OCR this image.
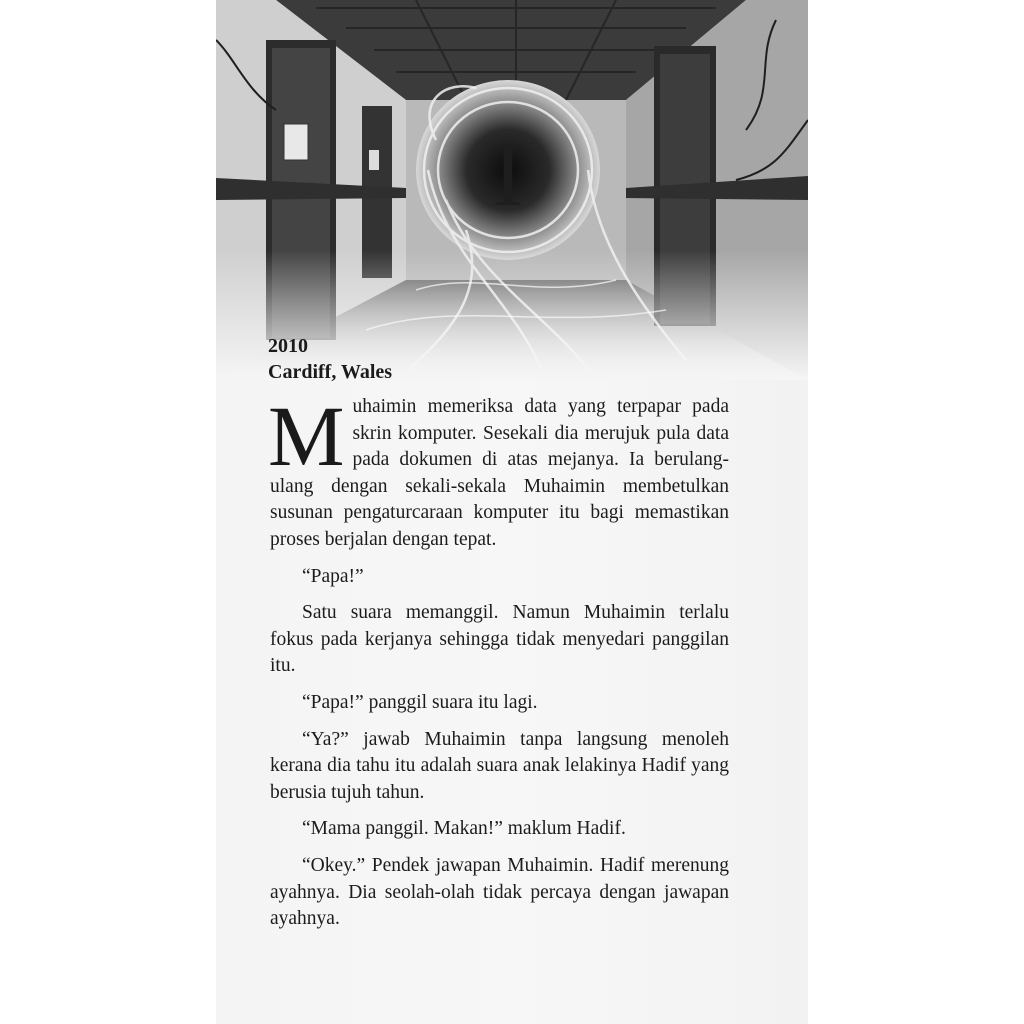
I
2010
Cardiff, Wales

Muhaimin memeriksa data yang terpapar pada skrin komputer. Sesekali dia merujuk pula data pada dokumen di atas mejanya. Ia berulang-ulang dengan sekali-sekala Muhaimin membetulkan susunan pengaturcaraan komputer itu bagi memastikan proses berjalan dengan tepat.

“Papa!”

Satu suara memanggil. Namun Muhaimin terlalu fokus pada kerjanya sehingga tidak menyedari panggilan itu.

“Papa!” panggil suara itu lagi.

“Ya?” jawab Muhaimin tanpa langsung menoleh kerana dia tahu itu adalah suara anak lelakinya Hadif yang berusia tujuh tahun.

“Mama panggil. Makan!” maklum Hadif.

“Okey.” Pendek jawapan Muhaimin. Hadif merenung ayahnya. Dia seolah-olah tidak percaya dengan jawapan ayahnya.
